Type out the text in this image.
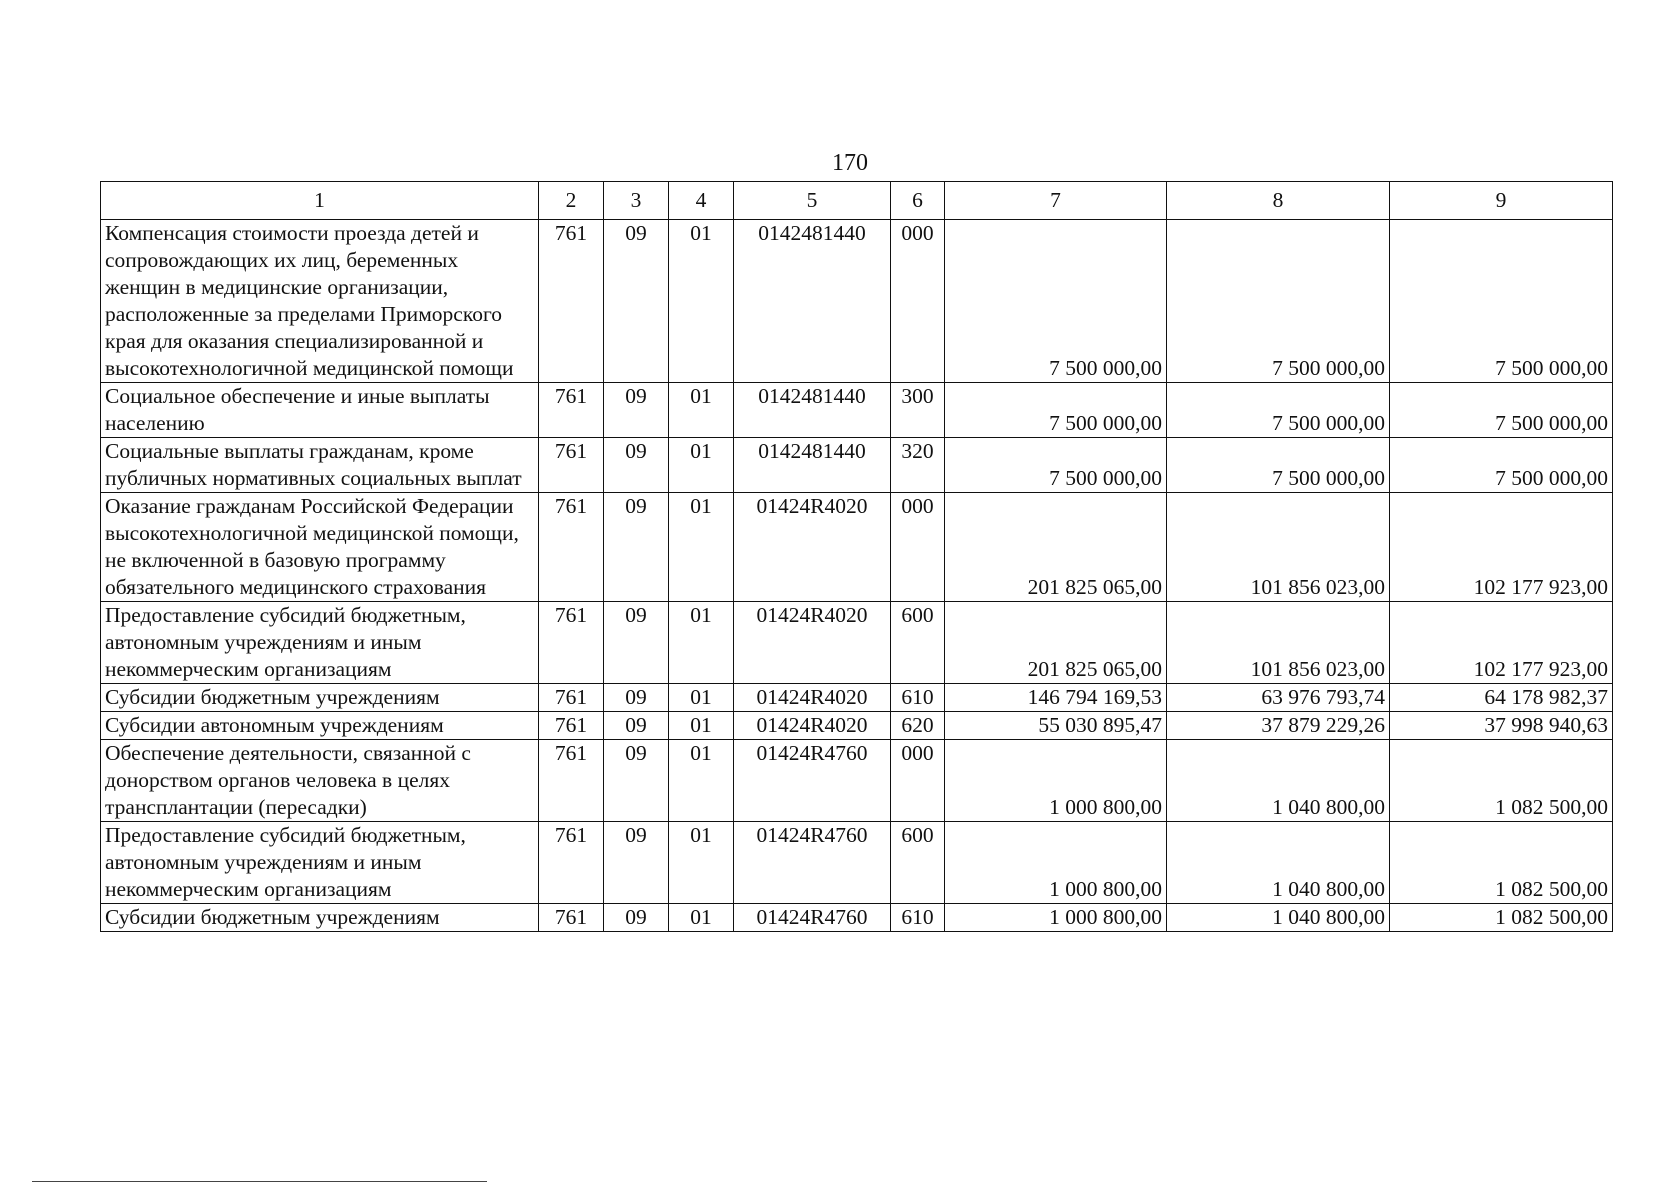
170
1	2	3	4	5	6	7	8	9
Компенсация стоимости проезда детей и сопровождающих их лиц, беременных женщин в медицинские организации, расположенные за пределами Приморского края для оказания специализированной и высокотехнологичной медицинской помощи	761	09	01	0142481440	000	7 500 000,00	7 500 000,00	7 500 000,00
Социальное обеспечение и иные выплаты населению	761	09	01	0142481440	300	7 500 000,00	7 500 000,00	7 500 000,00
Социальные выплаты гражданам, кроме публичных нормативных социальных выплат	761	09	01	0142481440	320	7 500 000,00	7 500 000,00	7 500 000,00
Оказание гражданам Российской Федерации высокотехнологичной медицинской помощи, не включенной в базовую программу обязательного медицинского страхования	761	09	01	01424R4020	000	201 825 065,00	101 856 023,00	102 177 923,00
Предоставление субсидий бюджетным, автономным учреждениям и иным некоммерческим организациям	761	09	01	01424R4020	600	201 825 065,00	101 856 023,00	102 177 923,00
Субсидии бюджетным учреждениям	761	09	01	01424R4020	610	146 794 169,53	63 976 793,74	64 178 982,37
Субсидии автономным учреждениям	761	09	01	01424R4020	620	55 030 895,47	37 879 229,26	37 998 940,63
Обеспечение деятельности, связанной с донорством органов человека в целях трансплантации (пересадки)	761	09	01	01424R4760	000	1 000 800,00	1 040 800,00	1 082 500,00
Предоставление субсидий бюджетным, автономным учреждениям и иным некоммерческим организациям	761	09	01	01424R4760	600	1 000 800,00	1 040 800,00	1 082 500,00
Субсидии бюджетным учреждениям	761	09	01	01424R4760	610	1 000 800,00	1 040 800,00	1 082 500,00
